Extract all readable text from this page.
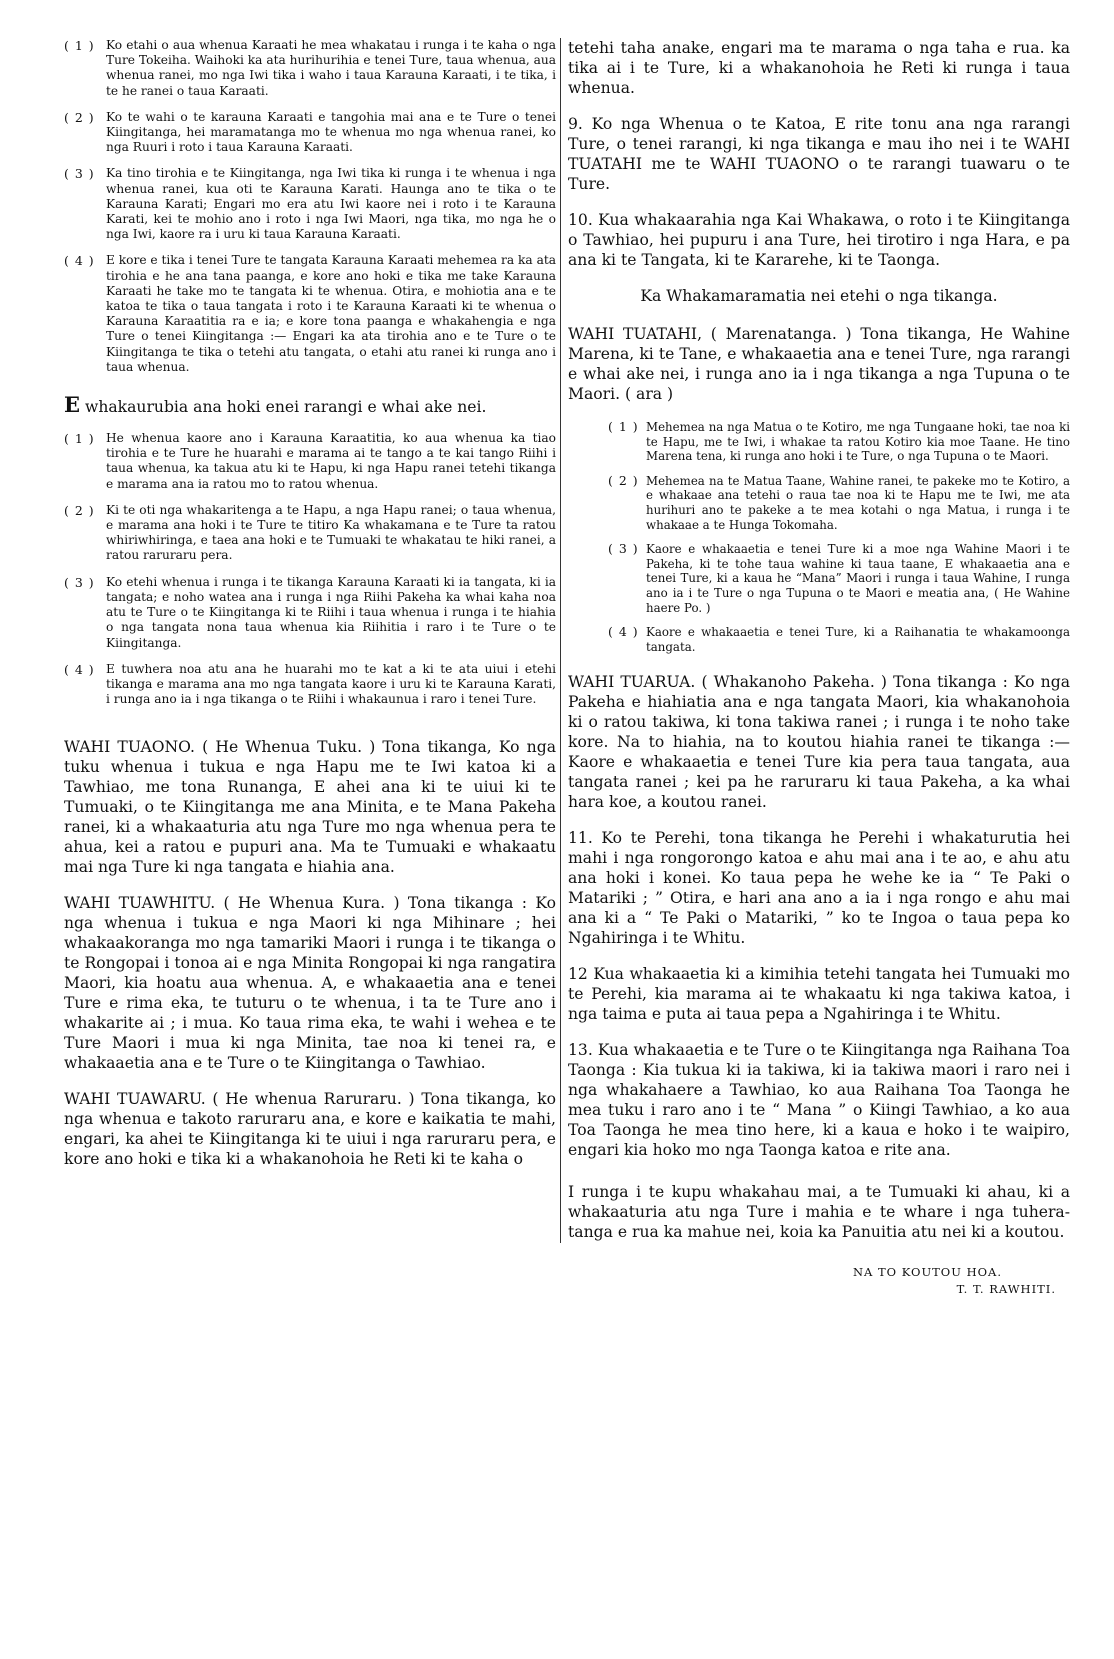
( 1 ) Ko etahi o aua whenua Karaati he mea whakatau i runga i te kaha o nga Ture Tokeiha. Waihoki ka ata hurihurihia e tenei Ture, taua whenua, aua whenua ranei, mo nga Iwi tika i waho i taua Karauna Karaati, i te tika, i te he ranei o taua Karaati.
( 2 ) Ko te wahi o te karauna Karaati e tangohia mai ana e te Ture o tenei Kiingitanga, hei maramatanga mo te whenua mo nga whenua ranei, ko nga Ruuri i roto i taua Karauna Karaati.
( 3 ) Ka tino tirohia e te Kiingitanga, nga Iwi tika ki runga i te whenua i nga whenua ranei, kua oti te Karauna Karati. Haunga ano te tika o te Karauna Karati; Engari mo era atu Iwi kaore nei i roto i te Karauna Karati, kei te mohio ano i roto i nga Iwi Maori, nga tika, mo nga he o nga Iwi, kaore ra i uru ki taua Karauna Karaati.
( 4 ) E kore e tika i tenei Ture te tangata Karauna Karaati mehemea ra ka ata tirohia e he ana tana paanga, e kore ano hoki e tika me take Karauna Karaati he take mo te tangata ki te whenua. Otira, e mohiotia ana e te katoa te tika o taua tangata i roto i te Karauna Karaati ki te whenua o Karauna Karaatitia ra e ia; e kore tona paanga e whakahengia e nga Ture o tenei Kiingitanga :— Engari ka ata tirohia ano e te Ture o te Kiingitanga te tika o tetehi atu tangata, o etahi atu ranei ki runga ano i taua whenua.
E whakaurubia ana hoki enei rarangi e whai ake nei.
( 1 ) He whenua kaore ano i Karauna Karaatitia, ko aua whenua ka tiao tirohia e te Ture he huarahi e marama ai te tango a te kai tango Riihi i taua whenua, ka takua atu ki te Hapu, ki nga Hapu ranei tetehi tikanga e marama ana ia ratou mo to ratou whenua.
( 2 ) Ki te oti nga whakaritenga a te Hapu, a nga Hapu ranei; o taua whenua, e marama ana hoki i te Ture te titiro Ka whakamana e te Ture ta ratou whiriwhiringa, e taea ana hoki e te Tumuaki te whakatau te hiki ranei, a ratou raruraru pera.
( 3 ) Ko etehi whenua i runga i te tikanga Karauna Karaati ki ia tangata, ki ia tangata; e noho watea ana i runga i nga Riihi Pakeha ka whai kaha noa atu te Ture o te Kiingitanga ki te Riihi i taua whenua i runga i te hiahia o nga tangata nona taua whenua kia Riihitia i raro i te Ture o te Kiingitanga.
( 4 ) E tuwhera noa atu ana he huarahi mo te kat a ki te ata uiui i etehi tikanga e marama ana mo nga tangata kaore i uru ki te Karauna Karati, i runga ano ia i nga tikanga o te Riihi i whakaunua i raro i tenei Ture.

WAHI TUAONO. ( He Whenua Tuku. ) Tona tikanga, Ko nga tuku whenua i tukua e nga Hapu me te Iwi katoa ki a Tawhiao, me tona Runanga, E ahei ana ki te uiui ki te Tumuaki, o te Kiingitanga me ana Minita, e te Mana Pakeha ranei, ki a whakaaturia atu nga Ture mo nga whenua pera te ahua, kei a ratou e pupuri ana. Ma te Tumuaki e whakaatu mai nga Ture ki nga tangata e hiahia ana.

WAHI TUAWHITU. ( He Whenua Kura. ) Tona tikanga : Ko nga whenua i tukua e nga Maori ki nga Mihinare ; hei whakaakoranga mo nga tamariki Maori i runga i te tikanga o te Rongopai i tonoa ai e nga Minita Rongopai ki nga rangatira Maori, kia hoatu aua whenua. A, e whakaaetia ana e tenei Ture e rima eka, te tuturu o te whenua, i ta te Ture ano i whakarite ai ; i mua. Ko taua rima eka, te wahi i wehea e te Ture Maori i mua ki nga Minita, tae noa ki tenei ra, e whakaaetia ana e te Ture o te Kiingitanga o Tawhiao.

WAHI TUAWARU. ( He whenua Raruraru. ) Tona tikanga, ko nga whenua e takoto raruraru ana, e kore e kaikatia te mahi, engari, ka ahei te Kiingitanga ki te uiui i nga raruraru pera, e kore ano hoki e tika ki a whakanohoia he Reti ki te kaha o

tetehi taha anake, engari ma te marama o nga taha e rua. ka tika ai i te Ture, ki a whakanohoia he Reti ki runga i taua whenua.

9. Ko nga Whenua o te Katoa, E rite tonu ana nga rarangi Ture, o tenei rarangi, ki nga tikanga e mau iho nei i te WAHI TUATAHI me te WAHI TUAONO o te rarangi tuawaru o te Ture.

10. Kua whakaarahia nga Kai Whakawa, o roto i te Kiingitanga o Tawhiao, hei pupuru i ana Ture, hei tirotiro i nga Hara, e pa ana ki te Tangata, ki te Kararehe, ki te Taonga.

Ka Whakamaramatia nei etehi o nga tikanga.

WAHI TUATAHI, ( Marenatanga. ) Tona tikanga, He Wahine Marena, ki te Tane, e whakaaetia ana e tenei Ture, nga rarangi e whai ake nei, i runga ano ia i nga tikanga a nga Tupuna o te Maori. ( ara )

( 1 ) Mehemea na nga Matua o te Kotiro, me nga Tungaane hoki, tae noa ki te Hapu, me te Iwi, i whakae ta ratou Kotiro kia moe Taane. He tino Marena tena, ki runga ano hoki i te Ture, o nga Tupuna o te Maori.
( 2 ) Mehemea na te Matua Taane, Wahine ranei, te pakeke mo te Kotiro, a e whakaae ana tetehi o raua tae noa ki te Hapu me te Iwi, me ata hurihuri ano te pakeke a te mea kotahi o nga Matua, i runga i te whakaae a te Hunga Tokomaha.
( 3 ) Kaore e whakaaetia e tenei Ture ki a moe nga Wahine Maori i te Pakeha, ki te tohe taua wahine ki taua taane, E whakaaetia ana e tenei Ture, ki a kaua he “Mana” Maori i runga i taua Wahine, I runga ano ia i te Ture o nga Tupuna o te Maori e meatia ana, ( He Wahine haere Po. )
( 4 ) Kaore e whakaaetia e tenei Ture, ki a Raihanatia te whakamoonga tangata.

WAHI TUARUA. ( Whakanoho Pakeha. ) Tona tikanga : Ko nga Pakeha e hiahiatia ana e nga tangata Maori, kia whakanohoia ki o ratou takiwa, ki tona takiwa ranei ; i runga i te noho take kore. Na to hiahia, na to koutou hiahia ranei te tikanga :— Kaore e whakaaetia e tenei Ture kia pera taua tangata, aua tangata ranei ; kei pa he raruraru ki taua Pakeha, a ka whai hara koe, a koutou ranei.

11. Ko te Perehi, tona tikanga he Perehi i whakaturutia hei mahi i nga rongorongo katoa e ahu mai ana i te ao, e ahu atu ana hoki i konei. Ko taua pepa he wehe ke ia “ Te Paki o Matariki ; ” Otira, e hari ana ano a ia i nga rongo e ahu mai ana ki a “ Te Paki o Matariki, ” ko te Ingoa o taua pepa ko Ngahiringa i te Whitu.

12 Kua whakaaetia ki a kimihia tetehi tangata hei Tumuaki mo te Perehi, kia marama ai te whakaatu ki nga takiwa katoa, i nga taima e puta ai taua pepa a Ngahiringa i te Whitu.

13. Kua whakaaetia e te Ture o te Kiingitanga nga Raihana Toa Taonga : Kia tukua ki ia takiwa, ki ia takiwa maori i raro nei i nga whakahaere a Tawhiao, ko aua Raihana Toa Taonga he mea tuku i raro ano i te “ Mana ” o Kiingi Tawhiao, a ko aua Toa Taonga he mea tino here, ki a kaua e hoko i te waipiro, engari kia hoko mo nga Taonga katoa e rite ana.

I runga i te kupu whakahau mai, a te Tumuaki ki ahau, ki a whakaaturia atu nga Ture i mahia e te whare i nga tuhera-tanga e rua ka mahue nei, koia ka Panuitia atu nei ki a koutou.

NA TO KOUTOU HOA.
T. T. RAWHITI.
